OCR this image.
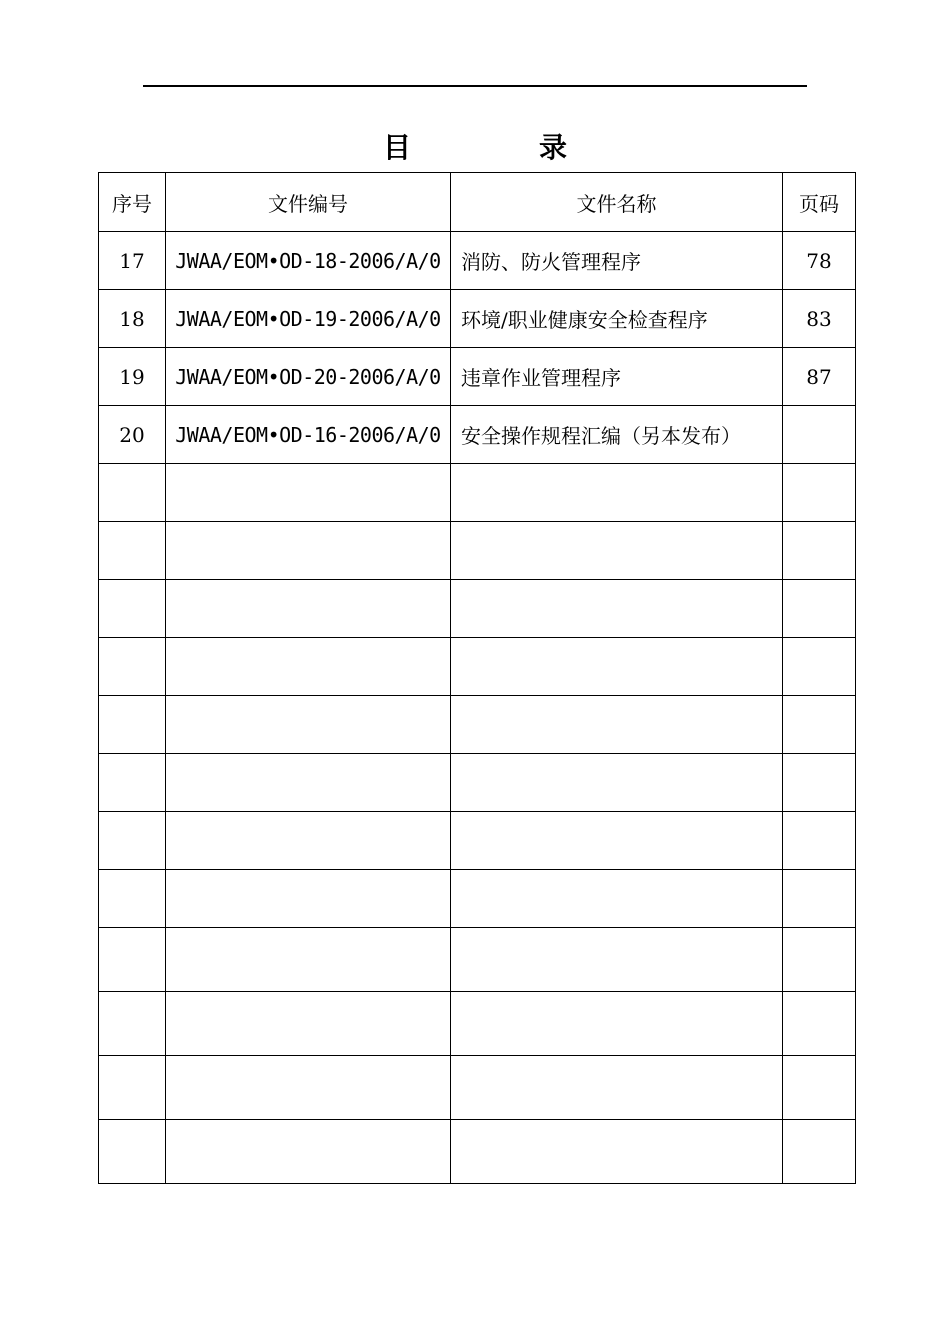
目　录
序号	文件编号	文件名称	页码
17	JWAA/EOM•OD-18-2006/A/0	消防、防火管理程序	78
18	JWAA/EOM•OD-19-2006/A/0	环境/职业健康安全检查程序	83
19	JWAA/EOM•OD-20-2006/A/0	违章作业管理程序	87
20	JWAA/EOM•OD-16-2006/A/0	安全操作规程汇编（另本发布）	
